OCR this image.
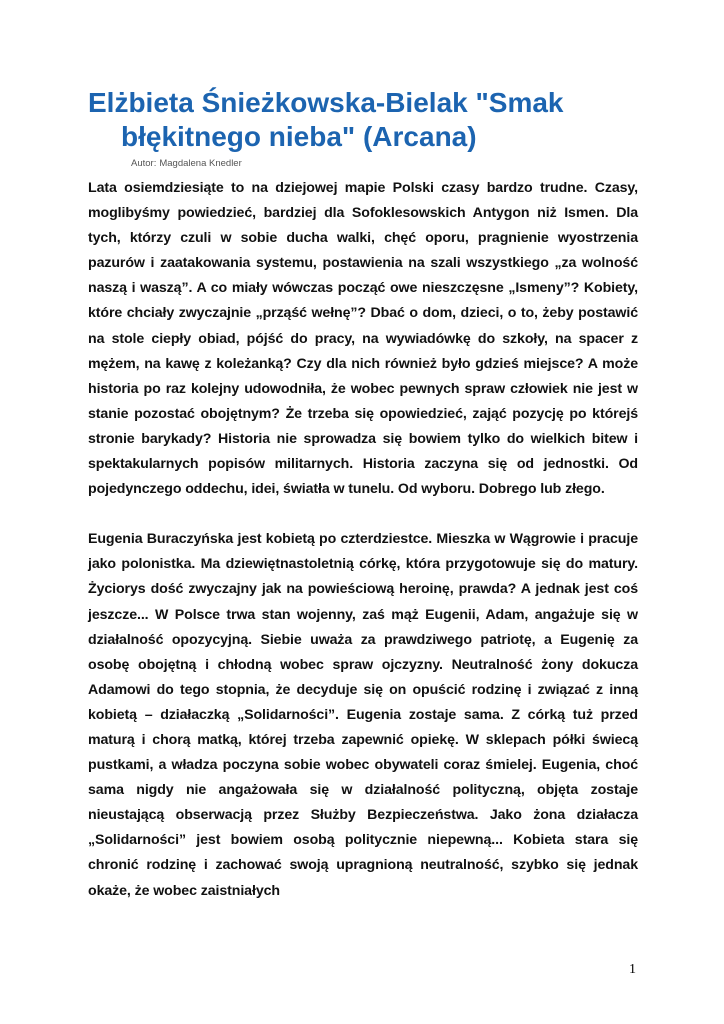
Elżbieta Śnieżkowska-Bielak "Smak błękitnego nieba" (Arcana)
Autor: Magdalena Knedler

Lata osiemdziesiąte to na dziejowej mapie Polski czasy bardzo trudne. Czasy, moglibyśmy powiedzieć, bardziej dla Sofoklesowskich Antygon niż Ismen. Dla tych, którzy czuli w sobie ducha walki, chęć oporu, pragnienie wyostrzenia pazurów i zaatakowania systemu, postawienia na szali wszystkiego „za wolność naszą i waszą”. A co miały wówczas począć owe nieszczęsne „Ismeny”? Kobiety, które chciały zwyczajnie „prząść wełnę”? Dbać o dom, dzieci, o to, żeby postawić na stole ciepły obiad, pójść do pracy, na wywiadówkę do szkoły, na spacer z mężem, na kawę z koleżanką? Czy dla nich również było gdzieś miejsce? A może historia po raz kolejny udowodniła, że wobec pewnych spraw człowiek nie jest w stanie pozostać obojętnym? Że trzeba się opowiedzieć, zająć pozycję po którejś stronie barykady? Historia nie sprowadza się bowiem tylko do wielkich bitew i spektakularnych popisów militarnych. Historia zaczyna się od jednostki. Od pojedynczego oddechu, idei, światła w tunelu. Od wyboru. Dobrego lub złego.

Eugenia Buraczyńska jest kobietą po czterdziestce. Mieszka w Wągrowie i pracuje jako polonistka. Ma dziewiętnastoletnią córkę, która przygotowuje się do matury. Życiorys dość zwyczajny jak na powieściową heroinę, prawda? A jednak jest coś jeszcze... W Polsce trwa stan wojenny, zaś mąż Eugenii, Adam, angażuje się w działalność opozycyjną. Siebie uważa za prawdziwego patriotę, a Eugenię za osobę obojętną i chłodną wobec spraw ojczyzny. Neutralność żony dokucza Adamowi do tego stopnia, że decyduje się on opuścić rodzinę i związać z inną kobietą – działaczką „Solidarności”. Eugenia zostaje sama. Z córką tuż przed maturą i chorą matką, której trzeba zapewnić opiekę. W sklepach półki świecą pustkami, a władza poczyna sobie wobec obywateli coraz śmielej. Eugenia, choć sama nigdy nie angażowała się w działalność polityczną, objęta zostaje nieustającą obserwacją przez Służby Bezpieczeństwa. Jako żona działacza „Solidarności” jest bowiem osobą politycznie niepewną... Kobieta stara się chronić rodzinę i zachować swoją upragnioną neutralność, szybko się jednak okaże, że wobec zaistniałych

1
